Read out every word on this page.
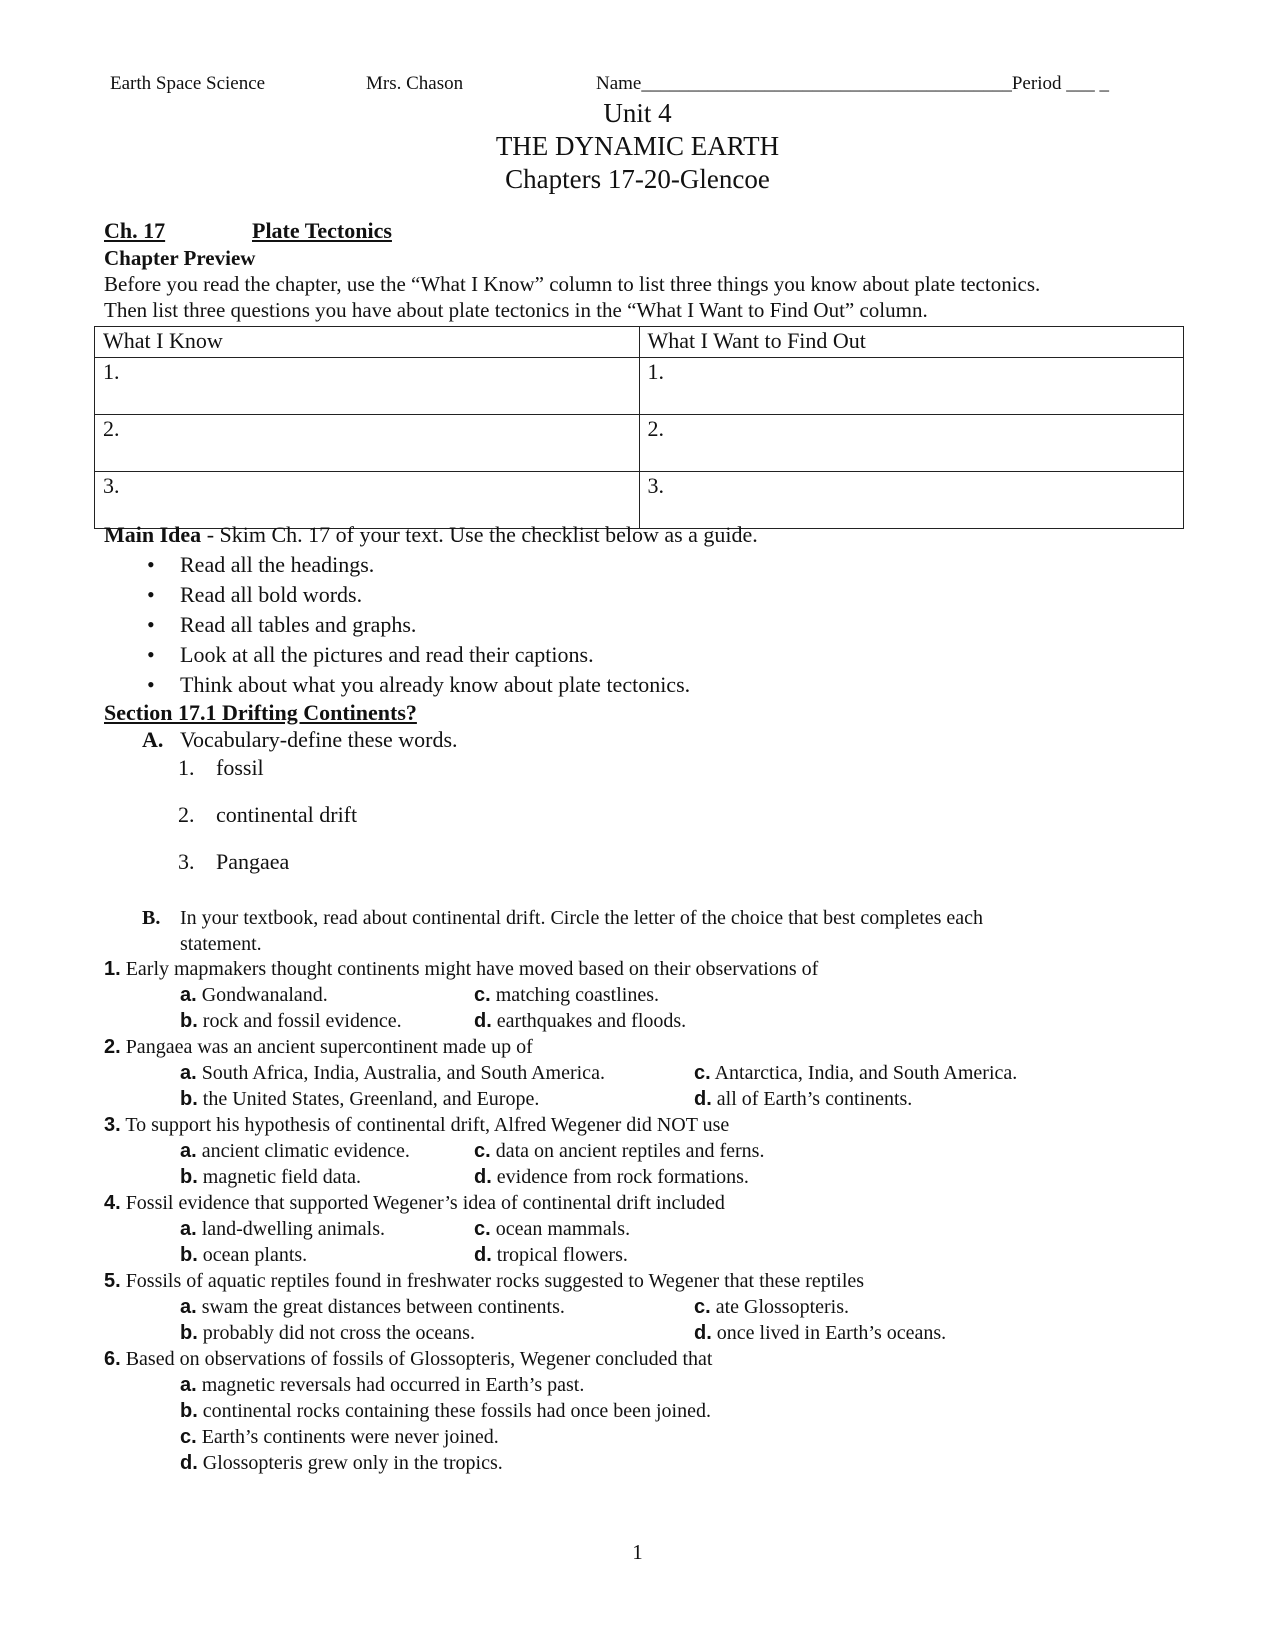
Earth Space Science	Mrs. Chason	Name_______________________________________Period ___ _
Unit 4
THE DYNAMIC EARTH
Chapters 17-20-Glencoe
Ch. 17	Plate Tectonics
Chapter Preview
Before you read the chapter, use the “What I Know” column to list three things you know about plate tectonics.
Then list three questions you have about plate tectonics in the “What I Want to Find Out” column.
What I Know	What I Want to Find Out
1.	1.
2.	2.
3.	3.
Main Idea - Skim Ch. 17 of your text. Use the checklist below as a guide.
• Read all the headings.
• Read all bold words.
• Read all tables and graphs.
• Look at all the pictures and read their captions.
• Think about what you already know about plate tectonics.
Section 17.1 Drifting Continents?
A. Vocabulary-define these words.
1. fossil
2. continental drift
3. Pangaea
B. In your textbook, read about continental drift. Circle the letter of the choice that best completes each
statement.
1. Early mapmakers thought continents might have moved based on their observations of
a. Gondwanaland.	c. matching coastlines.
b. rock and fossil evidence.	d. earthquakes and floods.
2. Pangaea was an ancient supercontinent made up of
a. South Africa, India, Australia, and South America.	c. Antarctica, India, and South America.
b. the United States, Greenland, and Europe.	d. all of Earth’s continents.
3. To support his hypothesis of continental drift, Alfred Wegener did NOT use
a. ancient climatic evidence.	c. data on ancient reptiles and ferns.
b. magnetic field data.	d. evidence from rock formations.
4. Fossil evidence that supported Wegener’s idea of continental drift included
a. land-dwelling animals.	c. ocean mammals.
b. ocean plants.	d. tropical flowers.
5. Fossils of aquatic reptiles found in freshwater rocks suggested to Wegener that these reptiles
a. swam the great distances between continents.	c. ate Glossopteris.
b. probably did not cross the oceans.	d. once lived in Earth’s oceans.
6. Based on observations of fossils of Glossopteris, Wegener concluded that
a. magnetic reversals had occurred in Earth’s past.
b. continental rocks containing these fossils had once been joined.
c. Earth’s continents were never joined.
d. Glossopteris grew only in the tropics.
1
